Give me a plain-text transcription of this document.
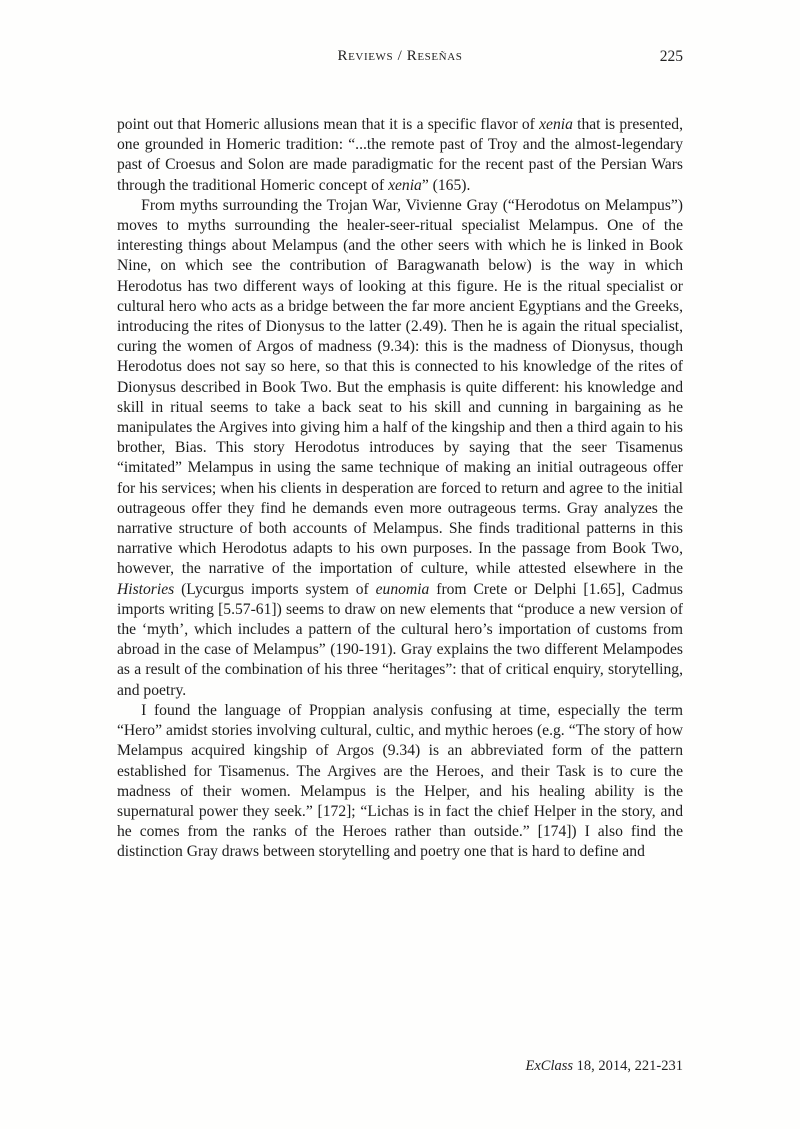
Reviews / Reseñas	225

point out that Homeric allusions mean that it is a specific flavor of xenia that is presented, one grounded in Homeric tradition: “...the remote past of Troy and the almost-legendary past of Croesus and Solon are made paradigmatic for the recent past of the Persian Wars through the traditional Homeric concept of xenia” (165).

From myths surrounding the Trojan War, Vivienne Gray (“Herodotus on Melampus”) moves to myths surrounding the healer-seer-ritual specialist Melampus. One of the interesting things about Melampus (and the other seers with which he is linked in Book Nine, on which see the contribution of Baragwanath below) is the way in which Herodotus has two different ways of looking at this figure. He is the ritual specialist or cultural hero who acts as a bridge between the far more ancient Egyptians and the Greeks, introducing the rites of Dionysus to the latter (2.49). Then he is again the ritual specialist, curing the women of Argos of madness (9.34): this is the madness of Dionysus, though Herodotus does not say so here, so that this is connected to his knowledge of the rites of Dionysus described in Book Two. But the emphasis is quite different: his knowledge and skill in ritual seems to take a back seat to his skill and cunning in bargaining as he manipulates the Argives into giving him a half of the kingship and then a third again to his brother, Bias. This story Herodotus introduces by saying that the seer Tisamenus “imitated” Melampus in using the same technique of making an initial outrageous offer for his services; when his clients in desperation are forced to return and agree to the initial outrageous offer they find he demands even more outrageous terms. Gray analyzes the narrative structure of both accounts of Melampus. She finds traditional patterns in this narrative which Herodotus adapts to his own purposes. In the passage from Book Two, however, the narrative of the importation of culture, while attested elsewhere in the Histories (Lycurgus imports system of eunomia from Crete or Delphi [1.65], Cadmus imports writing [5.57-61]) seems to draw on new elements that “produce a new version of the ‘myth’, which includes a pattern of the cultural hero’s importation of customs from abroad in the case of Melampus” (190-191). Gray explains the two different Melampodes as a result of the combination of his three “heritages”: that of critical enquiry, storytelling, and poetry.

I found the language of Proppian analysis confusing at time, especially the term “Hero” amidst stories involving cultural, cultic, and mythic heroes (e.g. “The story of how Melampus acquired kingship of Argos (9.34) is an abbreviated form of the pattern established for Tisamenus. The Argives are the Heroes, and their Task is to cure the madness of their women. Melampus is the Helper, and his healing ability is the supernatural power they seek.” [172]; “Lichas is in fact the chief Helper in the story, and he comes from the ranks of the Heroes rather than outside.” [174]) I also find the distinction Gray draws between storytelling and poetry one that is hard to define and

ExClass 18, 2014, 221-231
